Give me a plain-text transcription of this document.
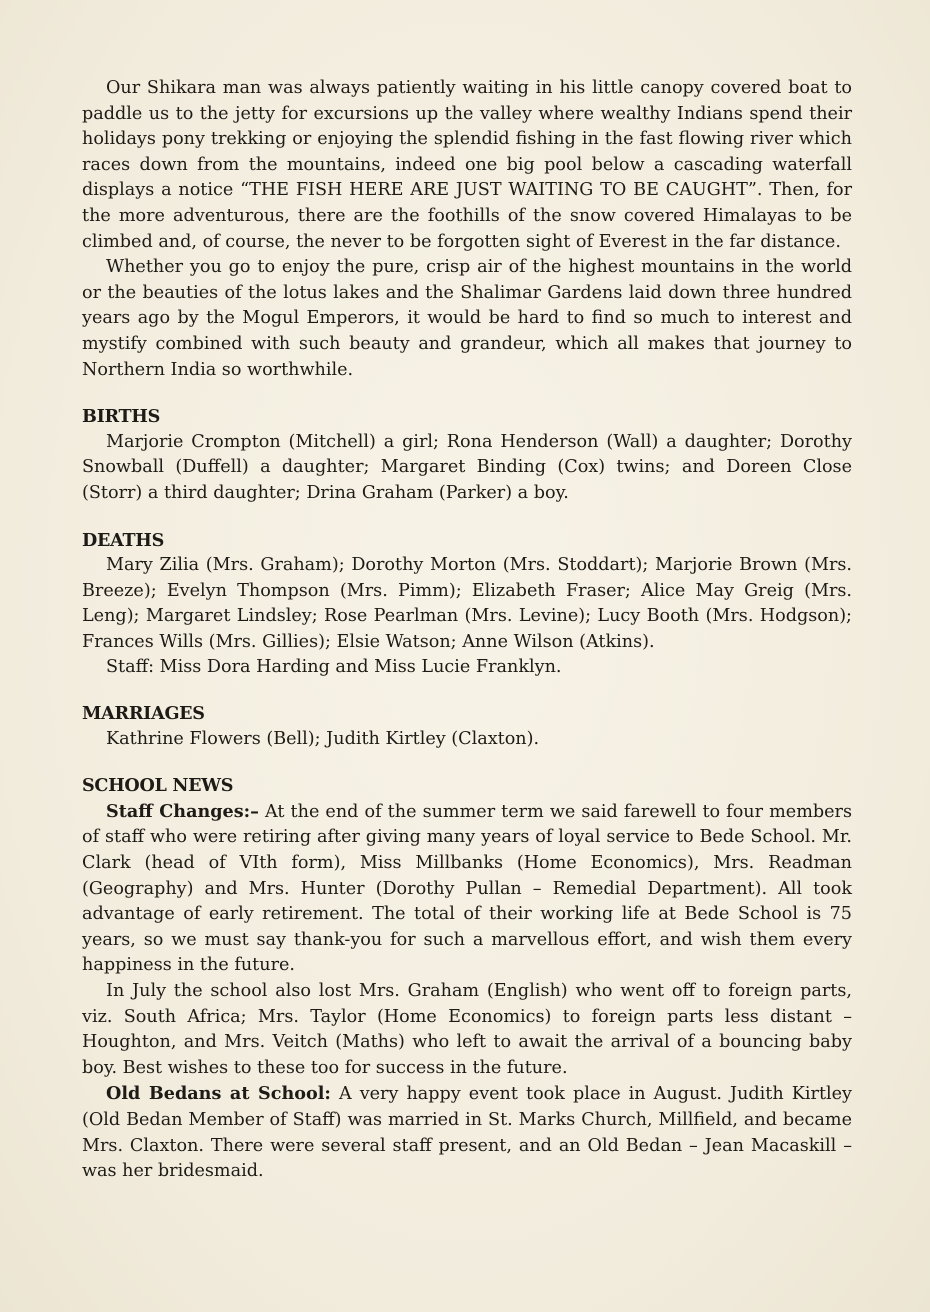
Our Shikara man was always patiently waiting in his little canopy covered boat to paddle us to the jetty for excursions up the valley where wealthy Indians spend their holidays pony trekking or enjoying the splendid fishing in the fast flowing river which races down from the mountains, indeed one big pool below a cascading waterfall displays a notice “THE FISH HERE ARE JUST WAITING TO BE CAUGHT”. Then, for the more adventurous, there are the foothills of the snow covered Himalayas to be climbed and, of course, the never to be forgotten sight of Everest in the far distance.

Whether you go to enjoy the pure, crisp air of the highest mountains in the world or the beauties of the lotus lakes and the Shalimar Gardens laid down three hundred years ago by the Mogul Emperors, it would be hard to find so much to interest and mystify combined with such beauty and grandeur, which all makes that journey to Northern India so worthwhile.

BIRTHS

Marjorie Crompton (Mitchell) a girl; Rona Henderson (Wall) a daughter; Dorothy Snowball (Duffell) a daughter; Margaret Binding (Cox) twins; and Doreen Close (Storr) a third daughter; Drina Graham (Parker) a boy.

DEATHS

Mary Zilia (Mrs. Graham); Dorothy Morton (Mrs. Stoddart); Marjorie Brown (Mrs. Breeze); Evelyn Thompson (Mrs. Pimm); Elizabeth Fraser; Alice May Greig (Mrs. Leng); Margaret Lindsley; Rose Pearlman (Mrs. Levine); Lucy Booth (Mrs. Hodgson); Frances Wills (Mrs. Gillies); Elsie Watson; Anne Wilson (Atkins).

Staff: Miss Dora Harding and Miss Lucie Franklyn.

MARRIAGES

Kathrine Flowers (Bell); Judith Kirtley (Claxton).

SCHOOL NEWS

Staff Changes:– At the end of the summer term we said farewell to four members of staff who were retiring after giving many years of loyal service to Bede School. Mr. Clark (head of VIth form), Miss Millbanks (Home Economics), Mrs. Readman (Geography) and Mrs. Hunter (Dorothy Pullan – Remedial Department). All took advantage of early retirement. The total of their working life at Bede School is 75 years, so we must say thank-you for such a marvellous effort, and wish them every happiness in the future.

In July the school also lost Mrs. Graham (English) who went off to foreign parts, viz. South Africa; Mrs. Taylor (Home Economics) to foreign parts less distant – Houghton, and Mrs. Veitch (Maths) who left to await the arrival of a bouncing baby boy. Best wishes to these too for success in the future.

Old Bedans at School: A very happy event took place in August. Judith Kirtley (Old Bedan Member of Staff) was married in St. Marks Church, Millfield, and became Mrs. Claxton. There were several staff present, and an Old Bedan – Jean Macaskill – was her bridesmaid.
